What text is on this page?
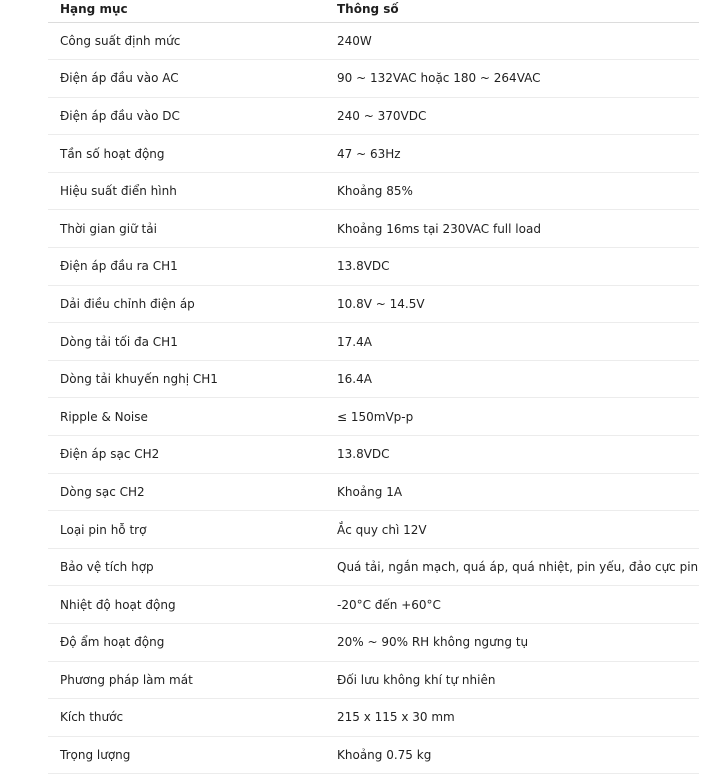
Hạng mục	Thông số
Công suất định mức	240W
Điện áp đầu vào AC	90 ~ 132VAC hoặc 180 ~ 264VAC
Điện áp đầu vào DC	240 ~ 370VDC
Tần số hoạt động	47 ~ 63Hz
Hiệu suất điển hình	Khoảng 85%
Thời gian giữ tải	Khoảng 16ms tại 230VAC full load
Điện áp đầu ra CH1	13.8VDC
Dải điều chỉnh điện áp	10.8V ~ 14.5V
Dòng tải tối đa CH1	17.4A
Dòng tải khuyến nghị CH1	16.4A
Ripple & Noise	≤ 150mVp-p
Điện áp sạc CH2	13.8VDC
Dòng sạc CH2	Khoảng 1A
Loại pin hỗ trợ	Ắc quy chì 12V
Bảo vệ tích hợp	Quá tải, ngắn mạch, quá áp, quá nhiệt, pin yếu, đảo cực pin
Nhiệt độ hoạt động	-20°C đến +60°C
Độ ẩm hoạt động	20% ~ 90% RH không ngưng tụ
Phương pháp làm mát	Đối lưu không khí tự nhiên
Kích thước	215 x 115 x 30 mm
Trọng lượng	Khoảng 0.75 kg
